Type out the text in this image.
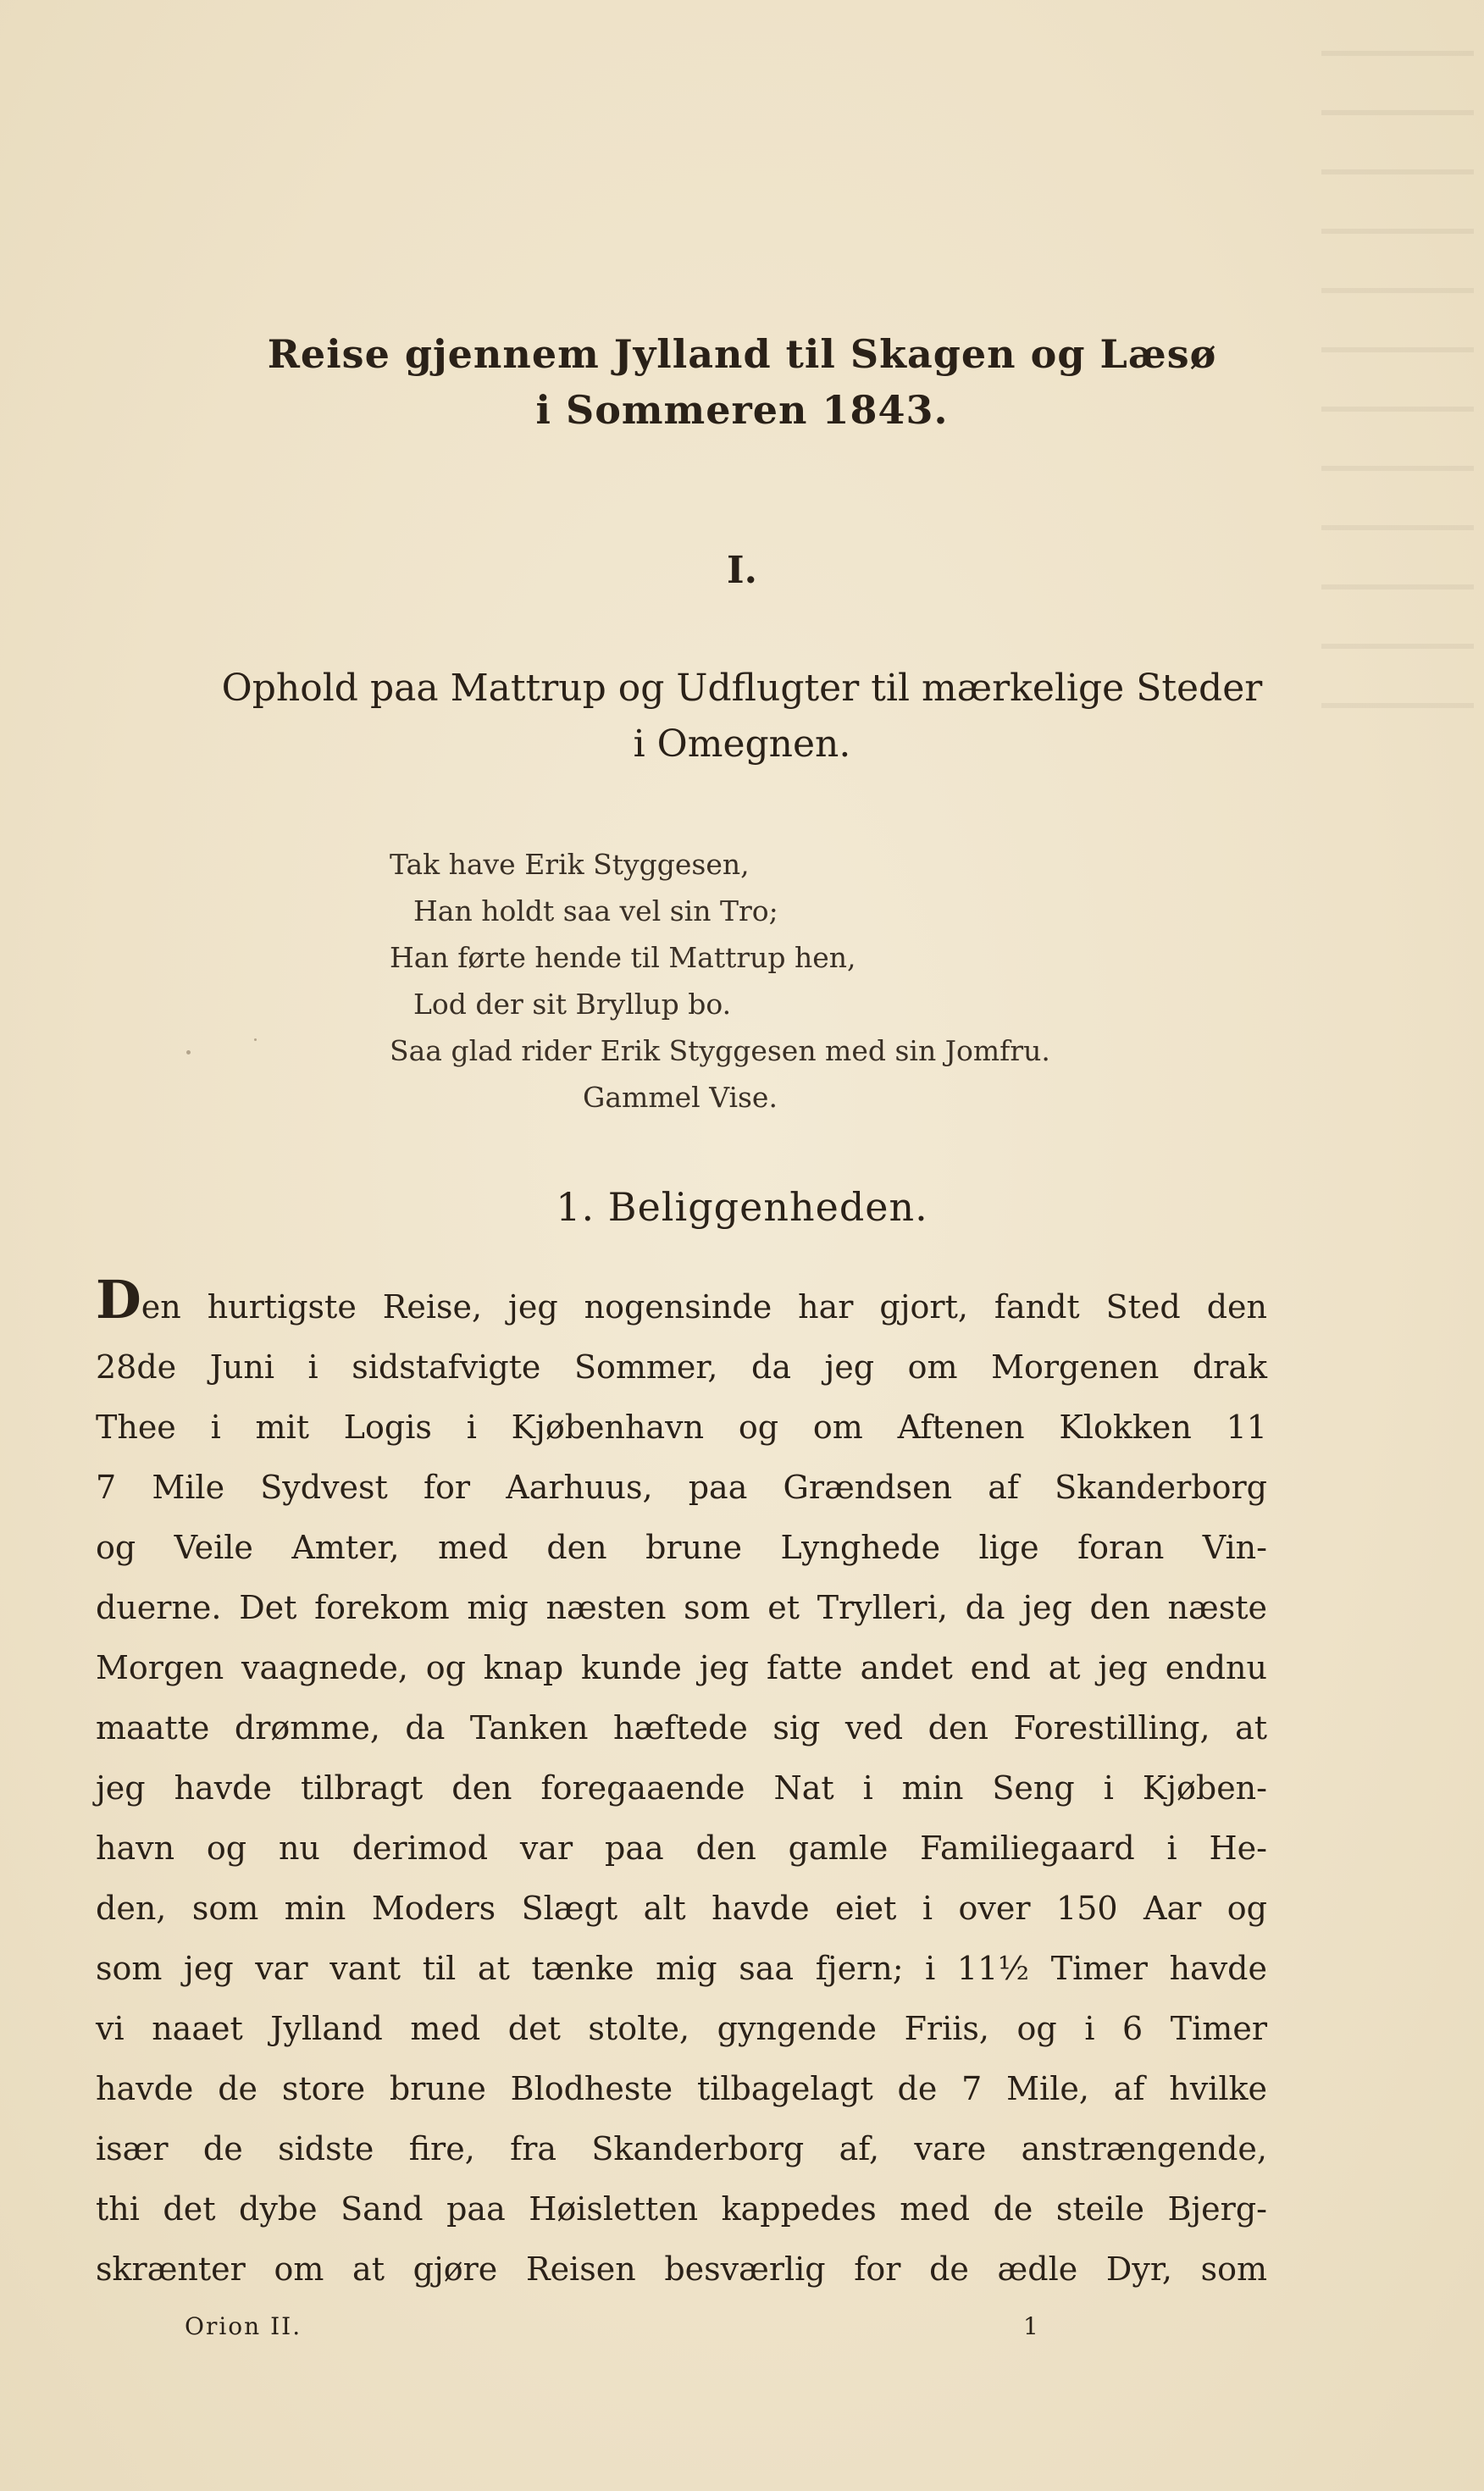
Reise gjennem Jylland til Skagen og Læsø
i Sommeren 1843.
I.
Ophold paa Mattrup og Udflugter til mærkelige Steder
i Omegnen.
Tak have Erik Styggesen,
Han holdt saa vel sin Tro;
Han førte hende til Mattrup hen,
Lod der sit Bryllup bo.
Saa glad rider Erik Styggesen med sin Jomfru.
Gammel Vise.
1. Beliggenheden.
Den hurtigste Reise, jeg nogensinde har gjort, fandt Sted den
28de Juni i sidstafvigte Sommer, da jeg om Morgenen drak
Thee i mit Logis i Kjøbenhavn og om Aftenen Klokken 11
7 Mile Sydvest for Aarhuus, paa Grændsen af Skanderborg
og Veile Amter, med den brune Lynghede lige foran Vin-
duerne. Det forekom mig næsten som et Trylleri, da jeg den næste
Morgen vaagnede, og knap kunde jeg fatte andet end at jeg endnu
maatte drømme, da Tanken hæftede sig ved den Forestilling, at
jeg havde tilbragt den foregaaende Nat i min Seng i Kjøben-
havn og nu derimod var paa den gamle Familiegaard i He-
den, som min Moders Slægt alt havde eiet i over 150 Aar og
som jeg var vant til at tænke mig saa fjern; i 11½ Timer havde
vi naaet Jylland med det stolte, gyngende Friis, og i 6 Timer
havde de store brune Blodheste tilbagelagt de 7 Mile, af hvilke
især de sidste fire, fra Skanderborg af, vare anstrængende,
thi det dybe Sand paa Høisletten kappedes med de steile Bjerg-
skrænter om at gjøre Reisen besværlig for de ædle Dyr, som
Orion II.	1
